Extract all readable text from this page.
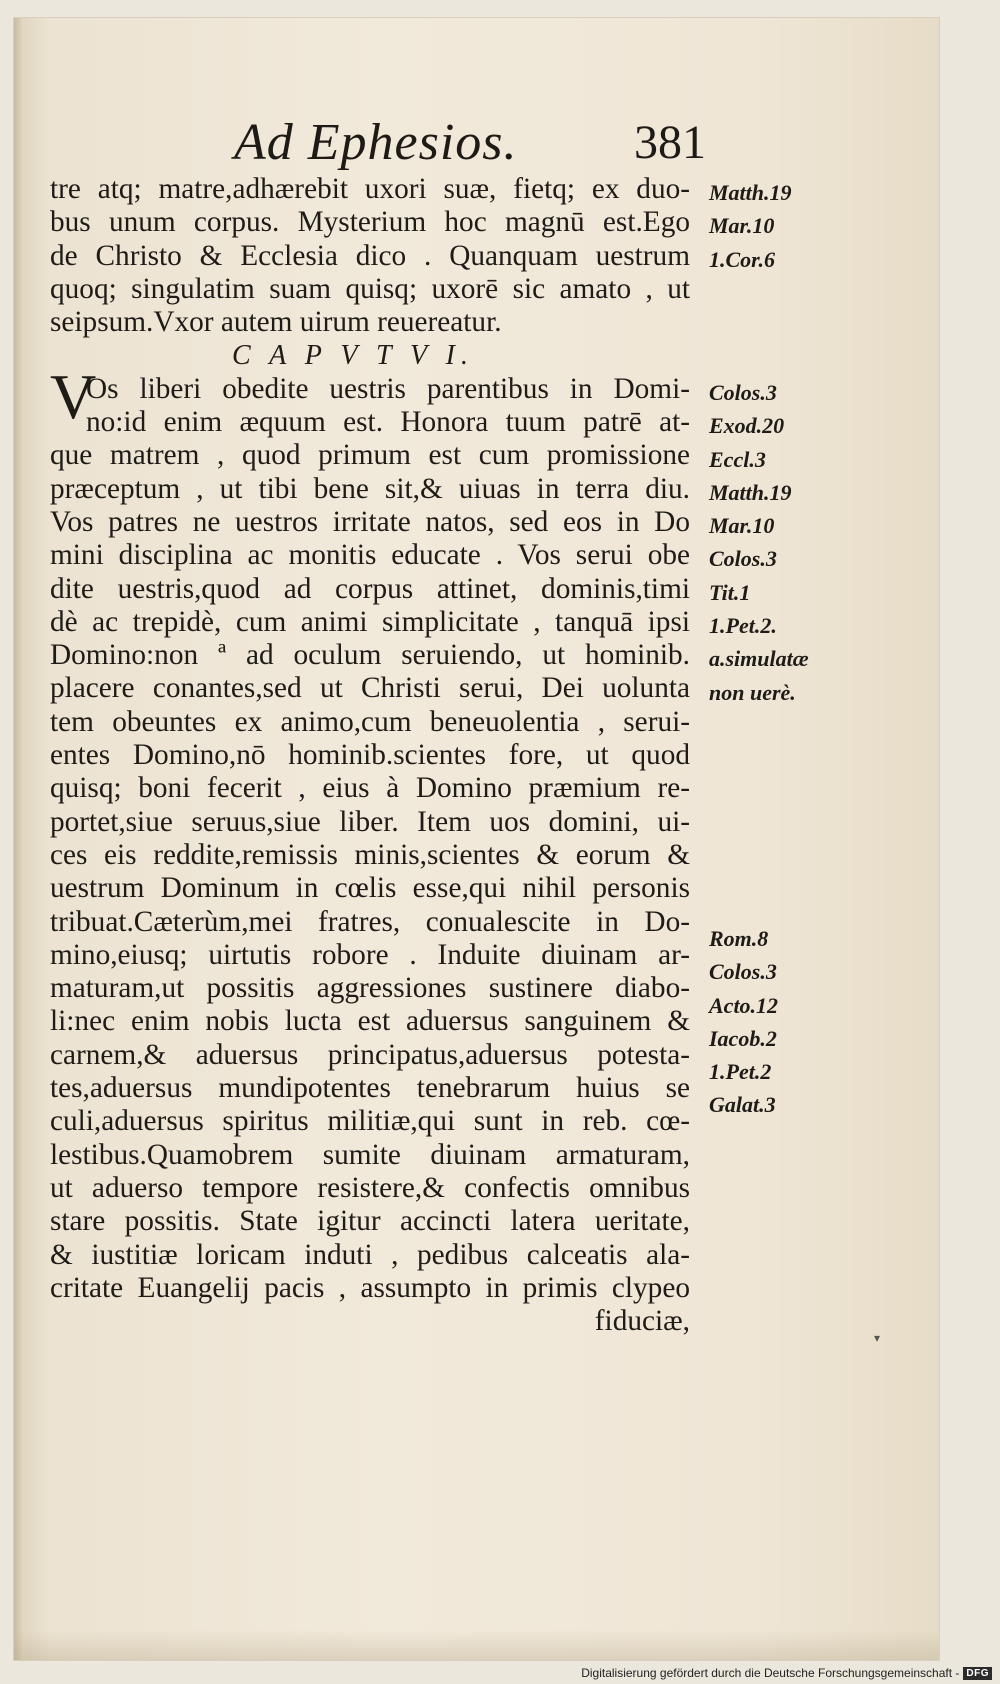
Ad Ephesios. 381
V
tre atq; matre,adhærebit uxori suæ, fietq; ex duo-
bus unum corpus. Mysterium hoc magnū est.Ego
de Christo & Ecclesia dico . Quanquam uestrum
quoq; singulatim suam quisq; uxorē sic amato , ut
seipsum.Vxor autem uirum reuereatur.
C A P V T V I.
Os liberi obedite uestris parentibus in Domi-
no:id enim æquum est. Honora tuum patrē at-
que matrem , quod primum est cum promissione
præceptum , ut tibi bene sit,& uiuas in terra diu.
Vos patres ne uestros irritate natos, sed eos in Do
mini disciplina ac monitis educate . Vos serui obe
dite uestris,quod ad corpus attinet, dominis,timi
dè ac trepidè, cum animi simplicitate , tanquā ipsi
Domino:non ª ad oculum seruiendo, ut hominib.
placere conantes,sed ut Christi serui, Dei uolunta
tem obeuntes ex animo,cum beneuolentia , serui-
entes Domino,nō hominib.scientes fore, ut quod
quisq; boni fecerit , eius à Domino præmium re-
portet,siue seruus,siue liber. Item uos domini, ui-
ces eis reddite,remissis minis,scientes & eorum &
uestrum Dominum in cœlis esse,qui nihil personis
tribuat.Cæterùm,mei fratres, conualescite in Do-
mino,eiusq; uirtutis robore . Induite diuinam ar-
maturam,ut possitis aggressiones sustinere diabo-
li:nec enim nobis lucta est aduersus sanguinem &
carnem,& aduersus principatus,aduersus potesta-
tes,aduersus mundipotentes tenebrarum huius se
culi,aduersus spiritus militiæ,qui sunt in reb. cœ-
lestibus.Quamobrem sumite diuinam armaturam,
ut aduerso tempore resistere,& confectis omnibus
stare possitis. State igitur accincti latera ueritate,
& iustitiæ loricam induti , pedibus calceatis ala-
critate Euangelij pacis , assumpto in primis clypeo
fiduciæ,
Matth.19
Mar.10
1.Cor.6
Colos.3
Exod.20
Eccl.3
Matth.19
Mar.10
Colos.3
Tit.1
1.Pet.2.
a.simulatæ
non uerè.
Rom.8
Colos.3
Acto.12
Iacob.2
1.Pet.2
Galat.3
▾
Digitalisierung gefördert durch die Deutsche Forschungsgemeinschaft - DFG
